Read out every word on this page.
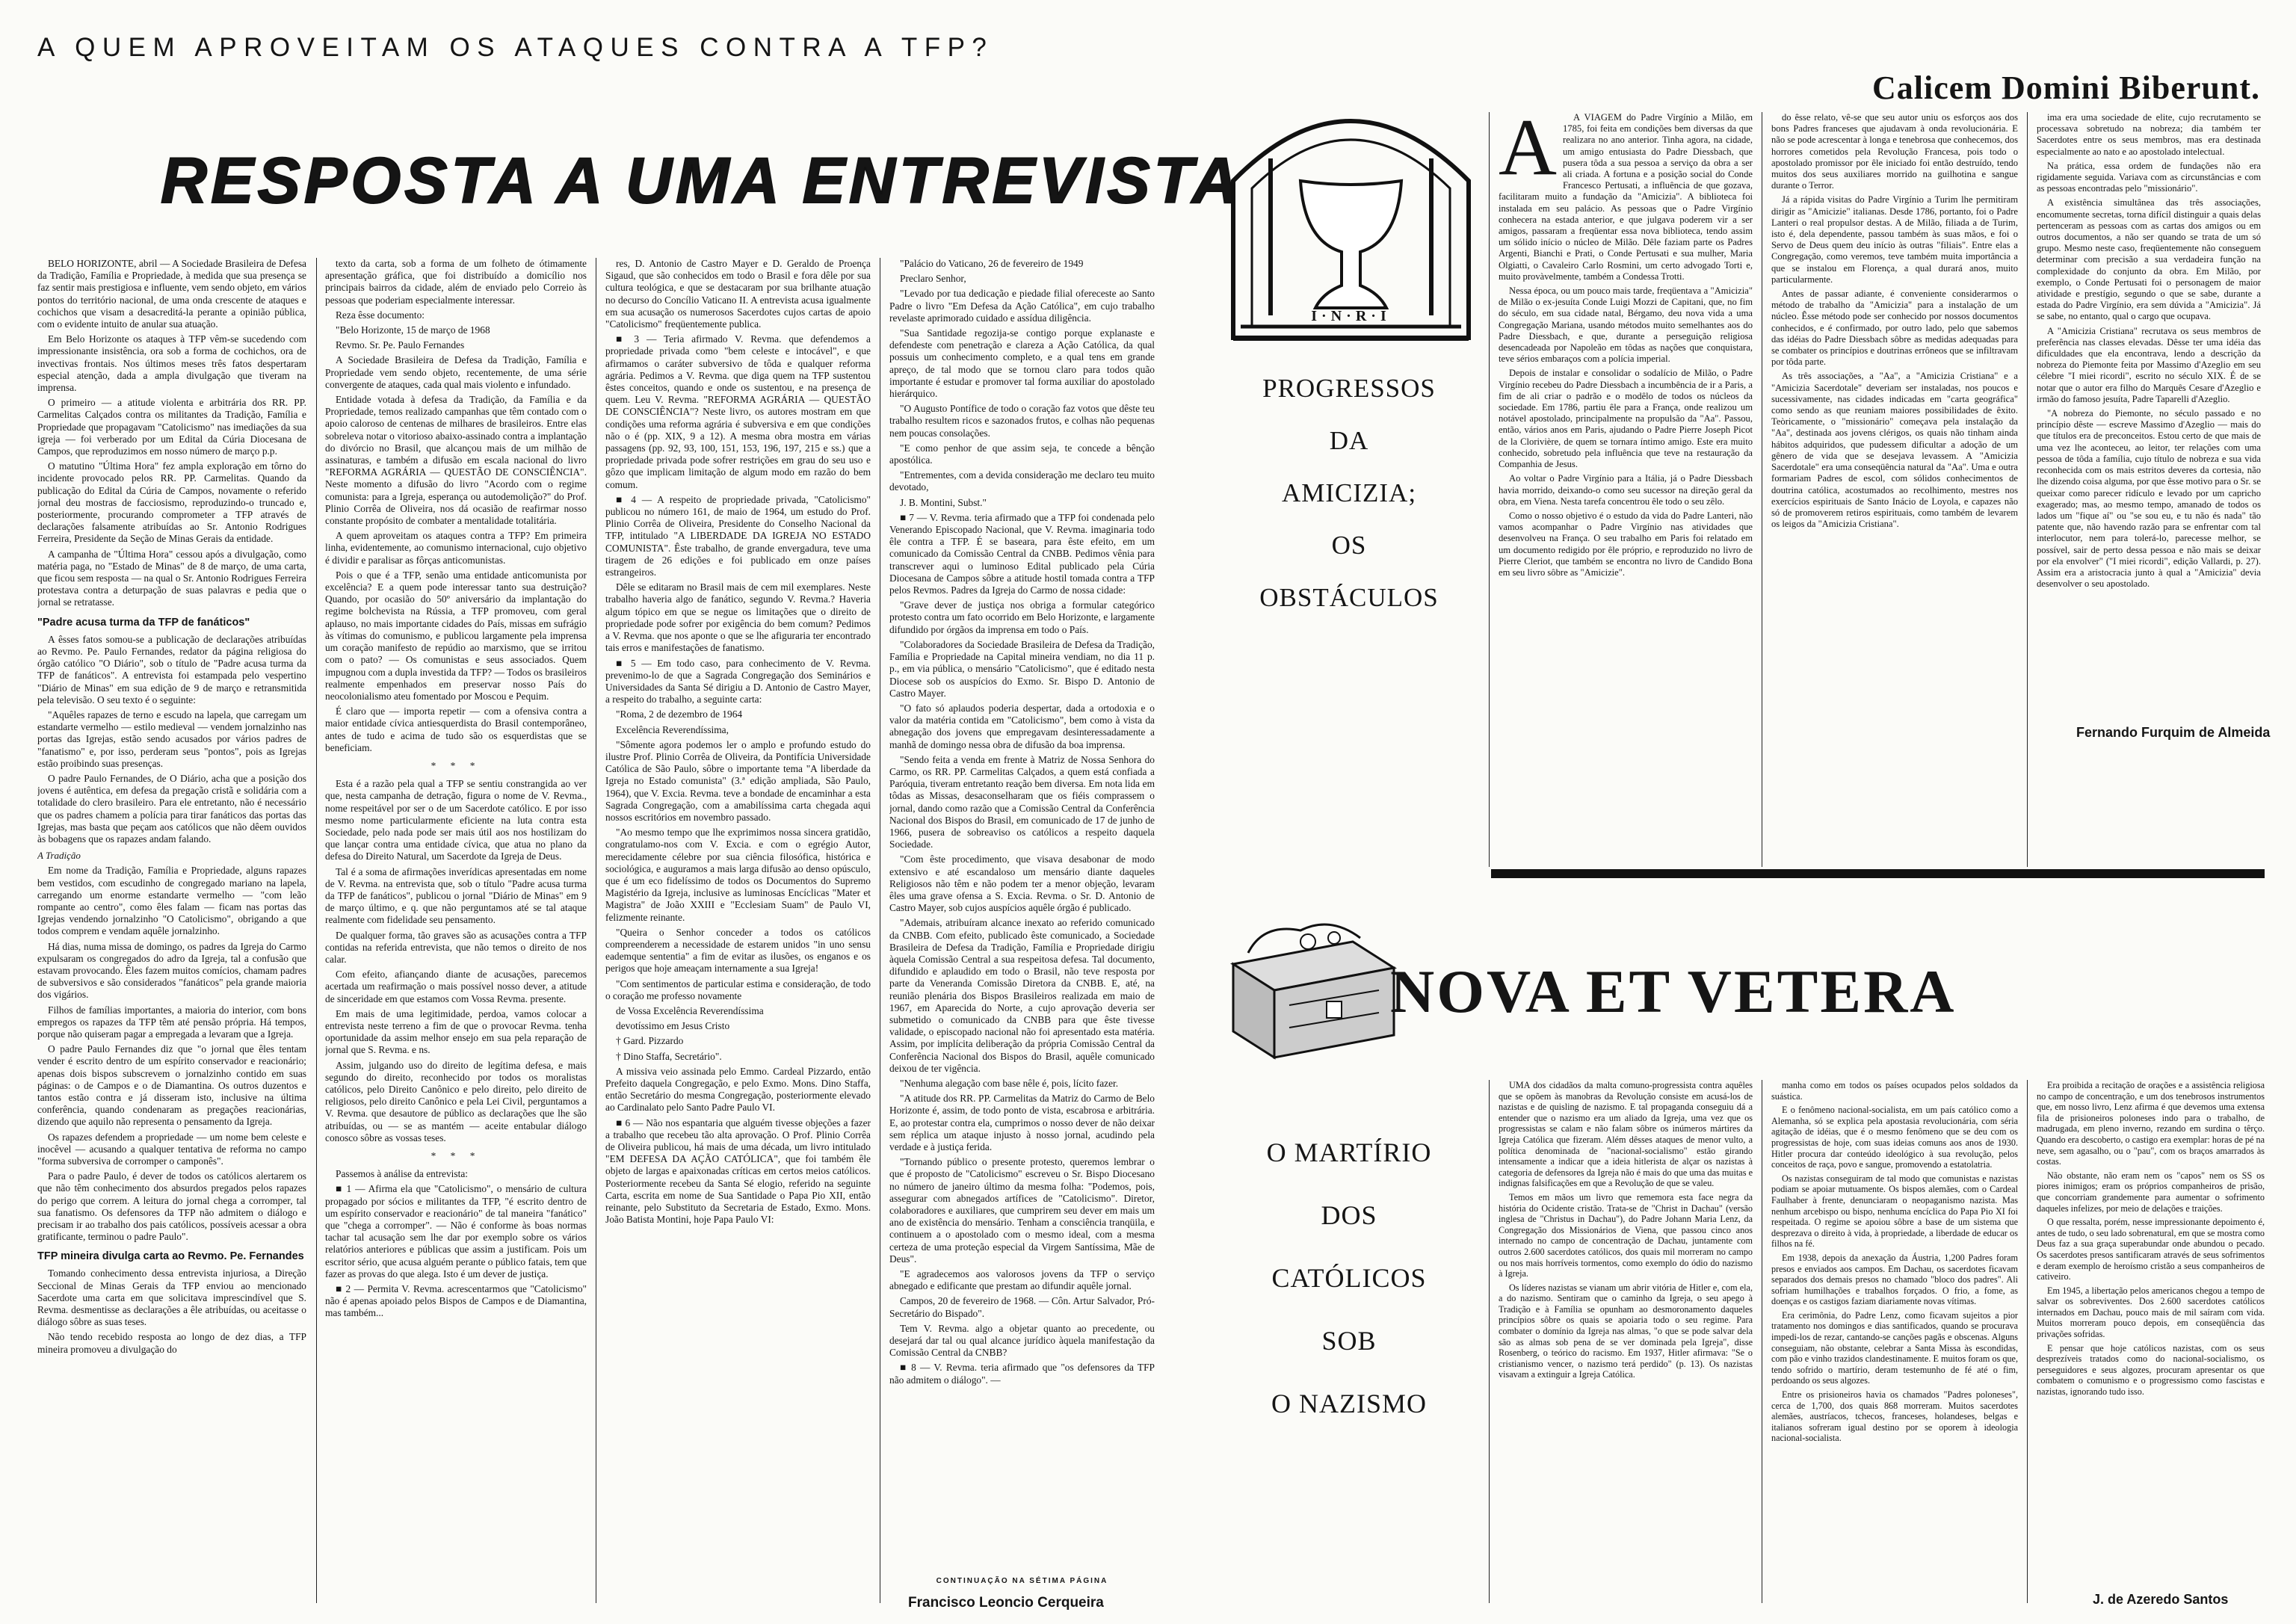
A QUEM APROVEITAM OS ATAQUES CONTRA A TFP?
RESPOSTA A UMA ENTREVISTA

BELO HORIZONTE, abril — A Sociedade Brasileira de Defesa da Tradição, Família e Propriedade, à medida que sua presença se faz sentir mais prestigiosa e influente, vem sendo objeto, em vários pontos do território nacional, de uma onda crescente de ataques e cochichos que visam a desacreditá-la perante a opinião pública, com o evidente intuito de anular sua atuação.

Em Belo Horizonte os ataques à TFP vêm-se sucedendo com impressionante insistência, ora sob a forma de cochichos, ora de invectivas frontais. Nos últimos meses três fatos despertaram especial atenção, dada a ampla divulgação que tiveram na imprensa.

O primeiro — a atitude violenta e arbitrária dos RR. PP. Carmelitas Calçados contra os militantes da Tradição, Família e Propriedade que propagavam "Catolicismo" nas imediações da sua igreja — foi verberado por um Edital da Cúria Diocesana de Campos, que reproduzimos em nosso número de março p.p.

O matutino "Última Hora" fez ampla exploração em tôrno do incidente provocado pelos RR. PP. Carmelitas. Quando da publicação do Edital da Cúria de Campos, novamente o referido jornal deu mostras de facciosismo, reproduzindo-o truncado e, posteriormente, procurando comprometer a TFP através de declarações falsamente atribuídas ao Sr. Antonio Rodrigues Ferreira, Presidente da Seção de Minas Gerais da entidade.

A campanha de "Última Hora" cessou após a divulgação, como matéria paga, no "Estado de Minas" de 8 de março, de uma carta, que ficou sem resposta — na qual o Sr. Antonio Rodrigues Ferreira protestava contra a deturpação de suas palavras e pedia que o jornal se retratasse.

"Padre acusa turma da TFP de fanáticos"

A êsses fatos somou-se a publicação de declarações atribuídas ao Revmo. Pe. Paulo Fernandes, redator da página religiosa do órgão católico "O Diário", sob o título de "Padre acusa turma da TFP de fanáticos". A entrevista foi estampada pelo vespertino "Diário de Minas" em sua edição de 9 de março e retransmitida pela televisão. O seu texto é o seguinte:

"Aquêles rapazes de terno e escudo na lapela, que carregam um estandarte vermelho — estilo medieval — vendem jornalzinho nas portas das Igrejas, estão sendo acusados por vários padres de "fanatismo" e, por isso, perderam seus "pontos", pois as Igrejas estão proibindo suas presenças.

O padre Paulo Fernandes, de O Diário, acha que a posição dos jovens é autêntica, em defesa da pregação cristã e solidária com a totalidade do clero brasileiro. Para ele entretanto, não é necessário que os padres chamem a polícia para tirar fanáticos das portas das Igrejas, mas basta que peçam aos católicos que não dêem ouvidos às bobagens que os rapazes andam falando.

A Tradição

Em nome da Tradição, Família e Propriedade, alguns rapazes bem vestidos, com escudinho de congregado mariano na lapela, carregando um enorme estandarte vermelho — "com leão rompante ao centro", como êles falam — ficam nas portas das Igrejas vendendo jornalzinho "O Catolicismo", obrigando a que todos comprem e vendam aquêle jornalzinho.

Há dias, numa missa de domingo, os padres da Igreja do Carmo expulsaram os congregados do adro da Igreja, tal a confusão que estavam provocando. Êles fazem muitos comícios, chamam padres de subversivos e são considerados "fanáticos" pela grande maioria dos vigários.

Filhos de famílias importantes, a maioria do interior, com bons empregos os rapazes da TFP têm até pensão própria. Há tempos, porque não quiseram pagar a empregada a levaram que a Igreja.

O padre Paulo Fernandes diz que "o jornal que êles tentam vender é escrito dentro de um espírito conservador e reacionário; apenas dois bispos subscrevem o jornalzinho contido em suas páginas: o de Campos e o de Diamantina. Os outros duzentos e tantos estão contra e já disseram isto, inclusive na última conferência, quando condenaram as pregações reacionárias, dizendo que aquilo não representa o pensamento da Igreja.

Os rapazes defendem a propriedade — um nome bem celeste e inocêvel — acusando a qualquer tentativa de reforma no campo "forma subversiva de corromper o camponês".

Para o padre Paulo, é dever de todos os católicos alertarem os que não têm conhecimento dos absurdos pregados pelos rapazes do perigo que correm. A leitura do jornal chega a corromper, tal sua fanatismo. Os defensores da TFP não admitem o diálogo e precisam ir ao trabalho dos pais católicos, possíveis acessar a obra gratificante, terminou o padre Paulo".

TFP mineira divulga carta ao Revmo. Pe. Fernandes

Tomando conhecimento dessa entrevista injuriosa, a Direção Seccional de Minas Gerais da TFP enviou ao mencionado Sacerdote uma carta em que solicitava imprescindível que S. Revma. desmentisse as declarações a êle atribuídas, ou aceitasse o diálogo sôbre as suas teses.

Não tendo recebido resposta ao longo de dez dias, a TFP mineira promoveu a divulgação do

texto da carta, sob a forma de um folheto de ótimamente apresentação gráfica, que foi distribuído a domicílio nos principais bairros da cidade, além de enviado pelo Correio às pessoas que poderiam especialmente interessar.

Reza êsse documento:

"Belo Horizonte, 15 de março de 1968

Revmo. Sr. Pe. Paulo Fernandes

A Sociedade Brasileira de Defesa da Tradição, Família e Propriedade vem sendo objeto, recentemente, de uma série convergente de ataques, cada qual mais violento e infundado.

Entidade votada à defesa da Tradição, da Família e da Propriedade, temos realizado campanhas que têm contado com o apoio caloroso de centenas de milhares de brasileiros. Entre elas sobreleva notar o vitorioso abaixo-assinado contra a implantação do divórcio no Brasil, que alcançou mais de um milhão de assinaturas, e também a difusão em escala nacional do livro "REFORMA AGRÁRIA — QUESTÃO DE CONSCIÊNCIA". Neste momento a difusão do livro "Acordo com o regime comunista: para a Igreja, esperança ou autodemolição?" do Prof. Plinio Corrêa de Oliveira, nos dá ocasião de reafirmar nosso constante propósito de combater a mentalidade totalitária.

A quem aproveitam os ataques contra a TFP? Em primeira linha, evidentemente, ao comunismo internacional, cujo objetivo é dividir e paralisar as fôrças anticomunistas.

Pois o que é a TFP, senão uma entidade anticomunista por excelência? E a quem pode interessar tanto sua destruição? Quando, por ocasião do 50º aniversário da implantação do regime bolchevista na Rússia, a TFP promoveu, com geral aplauso, no mais importante cidades do País, missas em sufrágio às vítimas do comunismo, e publicou largamente pela imprensa um coração manifesto de repúdio ao marxismo, que se irritou com o pato? — Os comunistas e seus associados. Quem impugnou com a dupla investida da TFP? — Todos os brasileiros realmente empenhados em preservar nosso País do neocolonialismo ateu fomentado por Moscou e Pequim.

É claro que — importa repetir — com a ofensiva contra a maior entidade cívica antiesquerdista do Brasil contemporâneo, antes de tudo e acima de tudo são os esquerdistas que se beneficiam.

* * *

Esta é a razão pela qual a TFP se sentiu constrangida ao ver que, nesta campanha de detração, figura o nome de V. Revma., nome respeitável por ser o de um Sacerdote católico. E por isso mesmo nome particularmente eficiente na luta contra esta Sociedade, pelo nada pode ser mais útil aos nos hostilizam do que lançar contra uma entidade cívica, que atua no plano da defesa do Direito Natural, um Sacerdote da Igreja de Deus.

Tal é a soma de afirmações inverídicas apresentadas em nome de V. Revma. na entrevista que, sob o título "Padre acusa turma da TFP de fanáticos", publicou o jornal "Diário de Minas" em 9 de março último, e q. que não perguntamos até se tal ataque realmente com fidelidade seu pensamento.

De qualquer forma, tão graves são as acusações contra a TFP contidas na referida entrevista, que não temos o direito de nos calar.

Com efeito, afiançando diante de acusações, parecemos acertada um reafirmação o mais possível nosso dever, a atitude de sinceridade em que estamos com Vossa Revma. presente.

Em mais de uma legitimidade, perdoa, vamos colocar a entrevista neste terreno a fim de que o provocar Revma. tenha oportunidade da assim melhor ensejo em sua pela reparação de jornal que S. Revma. e ns.

Assim, julgando uso do direito de legítima defesa, e mais segundo do direito, reconhecido por todos os moralistas católicos, pelo Direito Canônico e pelo direito, pelo direito de religiosos, pelo direito Canônico e pela Lei Civil, perguntamos a V. Revma. que desautore de público as declarações que lhe são atribuídas, ou — se as mantém — aceite entabular diálogo conosco sôbre as vossas teses.

* * *

Passemos à análise da entrevista:

■ 1 — Afirma ela que "Catolicismo", o mensário de cultura propagado por sócios e militantes da TFP, "é escrito dentro de um espírito conservador e reacionário" de tal maneira "fanático" que "chega a corromper". — Não é conforme às boas normas tachar tal acusação sem lhe dar por exemplo sobre os vários relatórios anteriores e públicas que assim a justificam. Pois um escritor sério, que acusa alguém perante o público fatais, tem que fazer as provas do que alega. Isto é um dever de justiça.

■ 2 — Permita V. Revma. acrescentarmos que "Catolicismo" não é apenas apoiado pelos Bispos de Campos e de Diamantina, mas também...

res, D. Antonio de Castro Mayer e D. Geraldo de Proença Sigaud, que são conhecidos em todo o Brasil e fora dêle por sua cultura teológica, e que se destacaram por sua brilhante atuação no decurso do Concílio Vaticano II. A entrevista acusa igualmente em sua acusação os numerosos Sacerdotes cujos cartas de apoio "Catolicismo" freqüentemente publica.

■ 3 — Teria afirmado V. Revma. que defendemos a propriedade privada como "bem celeste e intocável", e que afirmamos o caráter subversivo de tôda e qualquer reforma agrária. Pedimos a V. Revma. que diga quem na TFP sustentou êstes conceitos, quando e onde os sustentou, e na presença de quem. Leu V. Revma. "REFORMA AGRÁRIA — QUESTÃO DE CONSCIÊNCIA"? Neste livro, os autores mostram em que condições uma reforma agrária é subversiva e em que condições não o é (pp. XIX, 9 a 12). A mesma obra mostra em várias passagens (pp. 92, 93, 100, 151, 153, 196, 197, 215 e ss.) que a propriedade privada pode sofrer restrições em grau do seu uso e gôzo que implicam limitação de algum modo em razão do bem comum.

■ 4 — A respeito de propriedade privada, "Catolicismo" publicou no número 161, de maio de 1964, um estudo do Prof. Plinio Corrêa de Oliveira, Presidente do Conselho Nacional da TFP, intitulado "A LIBERDADE DA IGREJA NO ESTADO COMUNISTA". Êste trabalho, de grande envergadura, teve uma tiragem de 26 edições e foi publicado em onze países estrangeiros.

Dêle se editaram no Brasil mais de cem mil exemplares. Neste trabalho haveria algo de fanático, segundo V. Revma.? Haveria algum tópico em que se negue os limitações que o direito de propriedade pode sofrer por exigência do bem comum? Pedimos a V. Revma. que nos aponte o que se lhe afiguraria ter encontrado tais erros e manifestações de fanatismo.

■ 5 — Em todo caso, para conhecimento de V. Revma. prevenimo-lo de que a Sagrada Congregação dos Seminários e Universidades da Santa Sé dirigiu a D. Antonio de Castro Mayer, a respeito do trabalho, a seguinte carta:

"Roma, 2 de dezembro de 1964

Excelência Reverendíssima,

"Sômente agora podemos ler o amplo e profundo estudo do ilustre Prof. Plinio Corrêa de Oliveira, da Pontifícia Universidade Católica de São Paulo, sôbre o importante tema "A liberdade da Igreja no Estado comunista" (3.ª edição ampliada, São Paulo, 1964), que V. Excia. Revma. teve a bondade de encaminhar a esta Sagrada Congregação, com a amabilíssima carta chegada aqui nossos escritórios em novembro passado.

"Ao mesmo tempo que lhe exprimimos nossa sincera gratidão, congratulamo-nos com V. Excia. e com o egrégio Autor, merecidamente célebre por sua ciência filosófica, histórica e sociológica, e auguramos a mais larga difusão ao denso opúsculo, que é um eco fidelíssimo de todos os Documentos do Supremo Magistério da Igreja, inclusive as luminosas Encíclicas "Mater et Magistra" de João XXIII e "Ecclesiam Suam" de Paulo VI, felizmente reinante.

"Queira o Senhor conceder a todos os católicos compreenderem a necessidade de estarem unidos "in uno sensu eademque sententia" a fim de evitar as ilusões, os enganos e os perigos que hoje ameaçam internamente a sua Igreja!

"Com sentimentos de particular estima e consideração, de todo o coração me professo novamente

de Vossa Excelência Reverendíssima

devotíssimo em Jesus Cristo

† Gard. Pizzardo

† Dino Staffa, Secretário".

A missiva veio assinada pelo Emmo. Cardeal Pizzardo, então Prefeito daquela Congregação, e pelo Exmo. Mons. Dino Staffa, então Secretário do mesma Congregação, posteriormente elevado ao Cardinalato pelo Santo Padre Paulo VI.

■ 6 — Não nos espantaria que alguém tivesse objeções a fazer a trabalho que recebeu tão alta aprovação. O Prof. Plinio Corrêa de Oliveira publicou, há mais de uma década, um livro intitulado "EM DEFESA DA AÇÃO CATÓLICA", que foi também êle objeto de largas e apaixonadas críticas em certos meios católicos. Posteriormente recebeu da Santa Sé elogio, referido na seguinte Carta, escrita em nome de Sua Santidade o Papa Pio XII, então reinante, pelo Substituto da Secretaria de Estado, Exmo. Mons. João Batista Montini, hoje Papa Paulo VI:

"Palácio do Vaticano, 26 de fevereiro de 1949

Preclaro Senhor,

"Levado por tua dedicação e piedade filial ofereceste ao Santo Padre o livro "Em Defesa da Ação Católica", em cujo trabalho revelaste aprimorado cuidado e assídua diligência.

"Sua Santidade regozija-se contigo porque explanaste e defendeste com penetração e clareza a Ação Católica, da qual possuis um conhecimento completo, e a qual tens em grande apreço, de tal modo que se tornou claro para todos quão importante é estudar e promover tal forma auxiliar do apostolado hierárquico.

"O Augusto Pontífice de todo o coração faz votos que dêste teu trabalho resultem ricos e sazonados frutos, e colhas não pequenas nem poucas consolações.

"E como penhor de que assim seja, te concede a bênção apostólica.

"Entrementes, com a devida consideração me declaro teu muito devotado,

J. B. Montini, Subst."

■ 7 — V. Revma. teria afirmado que a TFP foi condenada pelo Venerando Episcopado Nacional, que V. Revma. imaginaria todo êle contra a TFP. É se baseara, para êste efeito, em um comunicado da Comissão Central da CNBB. Pedimos vênia para transcrever aqui o luminoso Edital publicado pela Cúria Diocesana de Campos sôbre a atitude hostil tomada contra a TFP pelos Revmos. Padres da Igreja do Carmo de nossa cidade:

"Grave dever de justiça nos obriga a formular categórico protesto contra um fato ocorrido em Belo Horizonte, e largamente difundido por órgãos da imprensa em todo o País.

"Colaboradores da Sociedade Brasileira de Defesa da Tradição, Família e Propriedade na Capital mineira vendiam, no dia 11 p. p., em via pública, o mensário "Catolicismo", que é editado nesta Diocese sob os auspícios do Exmo. Sr. Bispo D. Antonio de Castro Mayer.

"O fato só aplaudos poderia despertar, dada a ortodoxia e o valor da matéria contida em "Catolicismo", bem como à vista da abnegação dos jovens que empregavam desinteressadamente a manhã de domingo nessa obra de difusão da boa imprensa.

"Sendo feita a venda em frente à Matriz de Nossa Senhora do Carmo, os RR. PP. Carmelitas Calçados, a quem está confiada a Paróquia, tiveram entretanto reação bem diversa. Em nota lida em tôdas as Missas, desaconselharam que os fiéis comprassem o jornal, dando como razão que a Comissão Central da Conferência Nacional dos Bispos do Brasil, em comunicado de 17 de junho de 1966, pusera de sobreaviso os católicos a respeito daquela Sociedade.

"Com êste procedimento, que visava desabonar de modo extensivo e até escandaloso um mensário diante daqueles Religiosos não têm e não podem ter a menor objeção, levaram êles uma grave ofensa a S. Excia. Revma. o Sr. D. Antonio de Castro Mayer, sob cujos auspícios aquêle órgão é publicado.

"Ademais, atribuíram alcance inexato ao referido comunicado da CNBB. Com efeito, publicado êste comunicado, a Sociedade Brasileira de Defesa da Tradição, Família e Propriedade dirigiu àquela Comissão Central a sua respeitosa defesa. Tal documento, difundido e aplaudido em todo o Brasil, não teve resposta por parte da Veneranda Comissão Diretora da CNBB. E, até, na reunião plenária dos Bispos Brasileiros realizada em maio de 1967, em Aparecida do Norte, a cujo aprovação deveria ser submetido o comunicado da CNBB para que êste tivesse validade, o episcopado nacional não foi apresentado esta matéria. Assim, por implícita deliberação da própria Comissão Central da Conferência Nacional dos Bispos do Brasil, aquêle comunicado deixou de ter vigência.

"Nenhuma alegação com base nêle é, pois, lícito fazer.

"A atitude dos RR. PP. Carmelitas da Matriz do Carmo de Belo Horizonte é, assim, de todo ponto de vista, escabrosa e arbitrária. E, ao protestar contra ela, cumprimos o nosso dever de não deixar sem réplica um ataque injusto à nosso jornal, acudindo pela verdade e à justiça ferida.

"Tornando público o presente protesto, queremos lembrar o que é proposto de "Catolicismo" escreveu o Sr. Bispo Diocesano no número de janeiro último da mesma folha: "Podemos, pois, assegurar com abnegados artífices de "Catolicismo". Diretor, colaboradores e auxiliares, que cumprirem seu dever em mais um ano de existência do mensário. Tenham a consciência tranqüila, e continuem a o apostolado com o mesmo ideal, com a mesma certeza de uma proteção especial da Virgem Santíssima, Mãe de Deus".

"E agradecemos aos valorosos jovens da TFP o serviço abnegado e edificante que prestam ao difundir aquêle jornal.

Campos, 20 de fevereiro de 1968. — Côn. Artur Salvador, Pró-Secretário do Bispado".

Tem V. Revma. algo a objetar quanto ao precedente, ou desejará dar tal ou qual alcance jurídico àquela manifestação da Comissão Central da CNBB?

■ 8 — V. Revma. teria afirmado que "os defensores da TFP não admitem o diálogo". —

CONTINUAÇÃO NA SÉTIMA PÁGINA
Francisco Leoncio Cerqueira
Calicem Domini Biberunt.
I·N·R·I
PROGRESSOS
DA
AMICIZIA;
OS
OBSTÁCULOS
A	A VIAGEM do Padre Virgínio a Milão, em 1785, foi feita em condições bem diversas da que realizara no ano anterior. Tinha agora, na cidade, um amigo entusiasta do Padre Diessbach, que pusera tôda a sua pessoa a serviço da obra a ser ali criada. A fortuna e a posição social do Conde Francesco Pertusati, a influência de que gozava, facilitaram muito a fundação da "Amicizia". A biblioteca foi instalada em seu palácio. As pessoas que o Padre Virgínio conhecera na estada anterior, e que julgava poderem vir a ser amigos, passaram a freqüentar essa nova biblioteca, tendo assim um sólido início o núcleo de Milão. Dêle faziam parte os Padres Argenti, Bianchi e Prati, o Conde Pertusati e sua mulher, Maria Olgiatti, o Cavaleiro Carlo Rosmini, um certo advogado Torti e, muito provàvelmente, também a Condessa Trotti.

Nessa época, ou um pouco mais tarde, freqüentava a "Amicizia" de Milão o ex-jesuíta Conde Luigi Mozzi de Capitani, que, no fim do século, em sua cidade natal, Bérgamo, deu nova vida a uma Congregação Mariana, usando métodos muito semelhantes aos do Padre Diessbach, e que, durante a perseguição religiosa desencadeada por Napoleão em tôdas as nações que conquistara, teve sérios embaraços com a polícia imperial.

Depois de instalar e consolidar o sodalício de Milão, o Padre Virgínio recebeu do Padre Diessbach a incumbência de ir a Paris, a fim de ali criar o padrão e o modêlo de todos os núcleos da sociedade. Em 1786, partiu êle para a França, onde realizou um notável apostolado, principalmente na propulsão da "Aa". Passou, então, vários anos em Paris, ajudando o Padre Pierre Joseph Picot de la Clorivière, de quem se tornara íntimo amigo. Este era muito conhecido, sobretudo pela influência que teve na restauração da Companhia de Jesus.

Ao voltar o Padre Virgínio para a Itália, já o Padre Diessbach havia morrido, deixando-o como seu sucessor na direção geral da obra, em Viena. Nesta tarefa concentrou êle todo o seu zêlo.

Como o nosso objetivo é o estudo da vida do Padre Lanteri, não vamos acompanhar o Padre Virgínio nas atividades que desenvolveu na França. O seu trabalho em Paris foi relatado em um documento redigido por êle próprio, e reproduzido no livro de Pierre Cleriot, que também se encontra no livro de Candido Bona em seu livro sôbre as "Amicizie".

do êsse relato, vê-se que seu autor uniu os esforços aos dos bons Padres franceses que ajudavam à onda revolucionária. E não se pode acrescentar à longa e tenebrosa que conhecemos, dos horrores cometidos pela Revolução Francesa, pois todo o apostolado promissor por êle iniciado foi então destruído, tendo muitos dos seus auxiliares morrido na guilhotina e sangue durante o Terror.

Já a rápida visitas do Padre Virgínio a Turim lhe permitiram dirigir as "Amicizie" italianas. Desde 1786, portanto, foi o Padre Lanteri o real propulsor destas. A de Milão, filiada a de Turim, isto é, dela dependente, passou também às suas mãos, e foi o Servo de Deus quem deu início às outras "filiais". Entre elas a Congregação, como veremos, teve também muita importância a que se instalou em Florença, a qual durará anos, muito particularmente.

Antes de passar adiante, é conveniente considerarmos o método de trabalho da "Amicizia" para a instalação de um núcleo. Êsse método pode ser conhecido por nossos documentos conhecidos, e é confirmado, por outro lado, pelo que sabemos das idéias do Padre Diessbach sôbre as medidas adequadas para se combater os princípios e doutrinas errôneos que se infiltravam por tôda parte.

As três associações, a "Aa", a "Amicizia Cristiana" e a "Amicizia Sacerdotale" deveriam ser instaladas, nos poucos e sucessivamente, nas cidades indicadas em "carta geográfica" como sendo as que reuniam maiores possibilidades de êxito. Teòricamente, o "missionário" começava pela instalação da "Aa", destinada aos jovens clérigos, os quais não tinham ainda hábitos adquiridos, que pudessem dificultar a adoção de um gênero de vida que se desejava levassem. A "Amicizia Sacerdotale" era uma conseqüência natural da "Aa". Uma e outra formariam Padres de escol, com sólidos conhecimentos de doutrina católica, acostumados ao recolhimento, mestres nos exercícios espirituais de Santo Inácio de Loyola, e capazes não só de promoverem retiros espirituais, como também de levarem os leigos da "Amicizia Cristiana".

ima era uma sociedade de elite, cujo recrutamento se processava sobretudo na nobreza; dia também ter Sacerdotes entre os seus membros, mas era destinada especialmente ao nato e ao apostolado intelectual.

Na prática, essa ordem de fundações não era rigidamente seguida. Variava com as circunstâncias e com as pessoas encontradas pelo "missionário".

A existência simultânea das três associações, encomumente secretas, torna difícil distinguir a quais delas pertenceram as pessoas com as cartas dos amigos ou em outros documentos, a não ser quando se trata de um só grupo. Mesmo neste caso, freqüentemente não conseguem determinar com precisão a sua verdadeira função na complexidade do conjunto da obra. Em Milão, por exemplo, o Conde Pertusati foi o personagem de maior atividade e prestígio, segundo o que se sabe, durante a estada do Padre Virgínio, era sem dúvida a "Amicizia". Já se sabe, no entanto, qual o cargo que ocupava.

A "Amicizia Cristiana" recrutava os seus membros de preferência nas classes elevadas. Dêsse ter uma idéia das dificuldades que ela encontrava, lendo a descrição da nobreza do Piemonte feita por Massimo d'Azeglio em seu célebre "I miei ricordi", escrito no século XIX. É de se notar que o autor era filho do Marquês Cesare d'Azeglio e irmão do famoso jesuíta, Padre Taparelli d'Azeglio.

"A nobreza do Piemonte, no século passado e no princípio dêste — escreve Massimo d'Azeglio — mais do que títulos era de preconceitos. Estou certo de que mais de uma vez lhe aconteceu, ao leitor, ter relações com uma pessoa de tôda a família, cujo título de nobreza e sua vida reconhecida com os mais estritos deveres da cortesia, não lhe dizendo coisa alguma, por que êsse motivo para o Sr. se queixar como parecer ridículo e levado por um capricho exagerado; mas, ao mesmo tempo, amanado de todos os lados um "fique aí" ou "se sou eu, e tu não és nada" tão patente que, não havendo razão para se enfrentar com tal interlocutor, nem para tolerá-lo, parecesse melhor, se possível, sair de perto dessa pessoa e não mais se deixar por ela envolver" ("I miei ricordi", edição Vallardi, p. 27). Assim era a aristocracia junto à qual a "Amicizia" devia desenvolver o seu apostolado.

Fernando Furquim de Almeida
NOVA ET VETERA
O MARTÍRIO
DOS
CATÓLICOS
SOB
O NAZISMO

UMA dos cidadãos da malta comuno-progressista contra aquêles que se opõem às manobras da Revolução consiste em acusá-los de nazistas e de quisling de nazismo. E tal propaganda conseguiu dá a entender que o nazismo era um aliado da Igreja, uma vez que os progressistas se calam e não falam sôbre os inúmeros mártires da Igreja Católica que fizeram. Além dêsses ataques de menor vulto, a política denominada de "nacional-socialismo" estão girando intensamente a indicar que a ideia hitlerista de alçar os nazistas à categoria de defensores da Igreja não é mais do que uma das muitas e indignas falsificações em que a Revolução de que se valeu.

Temos em mãos um livro que rememora esta face negra da história do Ocidente cristão. Trata-se de "Christ in Dachau" (versão inglesa de "Christus in Dachau"), do Padre Johann Maria Lenz, da Congregação dos Missionários de Viena, que passou cinco anos internado no campo de concentração de Dachau, juntamente com outros 2.600 sacerdotes católicos, dos quais mil morreram no campo ou nos mais horríveis tormentos, como exemplo do ódio do nazismo à Igreja.

Os líderes nazistas se vianam um abrir vitória de Hitler e, com ela, a do nazismo. Sentiram que o caminho da Igreja, o seu apego à Tradição e à Família se opunham ao desmoronamento daqueles princípios sôbre os quais se apoiaria todo o seu regime. Para combater o domínio da Igreja nas almas, "o que se pode salvar dela são as almas sob pena de se ver dominada pela Igreja", disse Rosenberg, o teórico do racismo. Em 1937, Hitler afirmava: "Se o cristianismo vencer, o nazismo terá perdido" (p. 13). Os nazistas visavam a extinguir a Igreja Católica.

manha como em todos os países ocupados pelos soldados da suástica.

E o fenômeno nacional-socialista, em um país católico como a Alemanha, só se explica pela apostasia revolucionária, com séria agitação de idéias, que é o mesmo fenômeno que se deu com os progressistas de hoje, com suas ideias comuns aos anos de 1930. Hitler procura dar conteúdo ideológico à sua revolução, pelos conceitos de raça, povo e sangue, promovendo a estatolatria.

Os nazistas conseguiram de tal modo que comunistas e nazistas podiam se apoiar mutuamente. Os bispos alemães, com o Cardeal Faulhaber à frente, denunciaram o neopaganismo nazista. Mas nenhum arcebispo ou bispo, nenhuma encíclica do Papa Pio XI foi respeitada. O regime se apoiou sôbre a base de um sistema que desprezava o direito à vida, à propriedade, a liberdade de educar os filhos na fé.

Em 1938, depois da anexação da Áustria, 1,200 Padres foram presos e enviados aos campos. Em Dachau, os sacerdotes ficavam separados dos demais presos no chamado "bloco dos padres". Ali sofriam humilhações e trabalhos forçados. O frio, a fome, as doenças e os castigos faziam diariamente novas vítimas.

Era cerimônia, do Padre Lenz, como ficavam sujeitos a pior tratamento nos domingos e dias santificados, quando se procurava impedi-los de rezar, cantando-se canções pagãs e obscenas. Alguns conseguiam, não obstante, celebrar a Santa Missa às escondidas, com pão e vinho trazidos clandestinamente. E muitos foram os que, tendo sofrido o martírio, deram testemunho de fé até o fim, perdoando os seus algozes.

Entre os prisioneiros havia os chamados "Padres poloneses", cerca de 1,700, dos quais 868 morreram. Muitos sacerdotes alemães, austríacos, tchecos, franceses, holandeses, belgas e italianos sofreram igual destino por se oporem à ideologia nacional-socialista.

Era proibida a recitação de orações e a assistência religiosa no campo de concentração, e um dos tenebrosos instrumentos que, em nosso livro, Lenz afirma é que devemos uma extensa fila de prisioneiros poloneses indo para o trabalho, de madrugada, em pleno inverno, rezando em surdina o têrço. Quando era descoberto, o castigo era exemplar: horas de pé na neve, sem agasalho, ou o "pau", com os braços amarrados às costas.

Não obstante, não eram nem os "capos" nem os SS os piores inimigos; eram os próprios companheiros de prisão, que concorriam grandemente para aumentar o sofrimento daqueles infelizes, por meio de delações e traições.

O que ressalta, porém, nesse impressionante depoimento é, antes de tudo, o seu lado sobrenatural, em que se mostra como Deus faz a sua graça superabundar onde abundou o pecado. Os sacerdotes presos santificaram através de seus sofrimentos e deram exemplo de heroísmo cristão a seus companheiros de cativeiro.

Em 1945, a libertação pelos americanos chegou a tempo de salvar os sobreviventes. Dos 2.600 sacerdotes católicos internados em Dachau, pouco mais de mil saíram com vida. Muitos morreram pouco depois, em conseqüência das privações sofridas.

E pensar que hoje católicos nazistas, com os seus desprezíveis tratados como do nacional-socialismo, os perseguidores e seus algozes, procuram apresentar os que combatem o comunismo e o progressismo como fascistas e nazistas, ignorando tudo isso.

J. de Azeredo Santos
